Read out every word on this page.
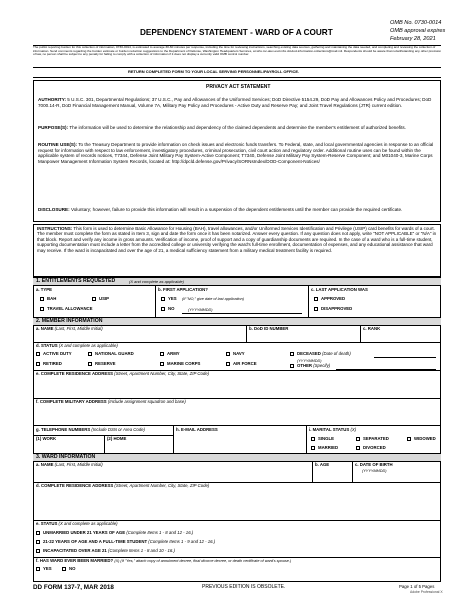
DEPENDENCY STATEMENT - WARD OF A COURT
OMB No. 0730-0014
OMB approval expires
February 28, 2021
The public reporting burden for this collection of information, 0730-0014, is estimated to average 30-60 minutes per response, including the time for reviewing instructions, searching existing data sources, gathering and maintaining the data needed, and completing and reviewing the collection of information. Send comments regarding the burden estimate or burden reduction suggestions to the Department of Defense, Washington Headquarters Services, at whs.mc-alex.esd.mbx.dd-dod-information-collections@mail.mil. Respondents should be aware that notwithstanding any other provision of law, no person shall be subject to any penalty for failing to comply with a collection of information if it does not display a currently valid OMB control number.
RETURN COMPLETED FORM TO YOUR LOCAL SERVING PERSONNEL/PAYROLL OFFICE.
PRIVACY ACT STATEMENT
AUTHORITY: 5 U.S.C. 301, Departmental Regulations; 37 U.S.C., Pay and Allowances of the Uniformed Services; DoD Directive 5154.29, DoD Pay and Allowances Policy and Procedures; DoD 7000.14-R, DoD Financial Management Manual, Volume 7A, Military Pay Policy and Procedures - Active Duty and Reserve Pay; and Joint Travel Regulations (JTR) current edition.
PURPOSE(S): The information will be used to determine the relationship and dependency of the claimed dependents and determine the member's entitlement of authorized benefits.
ROUTINE USE(S): To the Treasury Department to provide information on check issues and electronic funds transfers. To Federal, state, and local governmental agencies in response to an official request for information with respect to law enforcement, investigatory procedures, criminal prosecution, civil court action and regulatory order. Additional routine uses can be found within the applicable system of records notices, T7344, Defense Joint Military Pay System-Active Component; T7340, Defense Joint Military Pay System-Reserve Component; and M01040-3, Marine Corps Manpower Management Information System Records, located at: http://dpcld.defense.gov/Privacy/SORNsIndex/DOD-Component-Notices/
DISCLOSURE: Voluntary; however, failure to provide this information will result in a suspension of the dependent entitlements until the member can provide the required certificate.
INSTRUCTIONS: This form is used to determine Basic Allowance for Housing (BAH), travel allowances, and/or Uniformed Services Identification and Privilege (USIP) card benefits for wards of a court. The member must complete the form as stated in Item 3, sign and date the form once it has been notarized. Answer every question. If any question does not apply, write "NOT APPLICABLE" or "N/A" in that block. Report and verify any income in gross amounts. Verification of income, proof of support and a copy of guardianship documents are required. In the case of a ward who is a full-time student, supporting documentation must include a letter from the accredited college or university verifying the ward's full-time enrollment, documentation of expenses, and any educational assistance that ward may receive. If the ward is incapacitated and over the age of 21, a medical sufficiency statement from a military medical treatment facility is required.
1. ENTITLEMENTS REQUESTED	(X and complete as applicable)
a. TYPE
BAH	USIP
TRAVEL ALLOWANCE
b. FIRST APPLICATION?
YES (If "NO," give date of last application)
NO	(YYYYMMDD)
c. LAST APPLICATION WAS
APPROVED
DISAPPROVED
2. MEMBER INFORMATION
a. NAME (Last, First, Middle Initial)	b. DoD ID NUMBER	c. RANK
d. STATUS (X and complete as applicable)
ACTIVE DUTY	NATIONAL GUARD	ARMY	NAVY	DECEASED (Date of death)
(YYYYMMDD)
RETIRED	RESERVE	MARINE CORPS	AIR FORCE	OTHER (Specify)
e. COMPLETE RESIDENCE ADDRESS (Street, Apartment Number, City, State, ZIP Code)
f. COMPLETE MILITARY ADDRESS (Include assignment squadron and base)
g. TELEPHONE NUMBERS (Include DSN or Area Code)
(1) WORK	(2) HOME
h. E-MAIL ADDRESS	i. MARITAL STATUS (X)
SINGLE	SEPARATED	WIDOWED
MARRIED	DIVORCED
3. WARD INFORMATION
a. NAME (Last, First, Middle Initial)	b. AGE	c. DATE OF BIRTH
(YYYYMMDD)
d. COMPLETE RESIDENCE ADDRESS (Street, Apartment Number, City, State, ZIP Code)
e. STATUS (X and complete as applicable)
UNMARRIED UNDER 21 YEARS OF AGE (Complete Items 1 - 8 and 12 - 16.)
21-22 YEARS OF AGE AND A FULL-TIME STUDENT (Complete Items 1 - 9 and 12 - 16.)
INCAPACITATED OVER AGE 21 (Complete Items 1 - 8 and 10 - 16.)
f. HAS WARD EVER BEEN MARRIED? (X) (If "Yes," attach copy of annulment decree, final divorce decree, or death certificate of ward's spouse.)
YES	NO
DD FORM 137-7, MAR 2018	PREVIOUS EDITION IS OBSOLETE.	Page 1 of 5 Pages
Adobe Professional X
